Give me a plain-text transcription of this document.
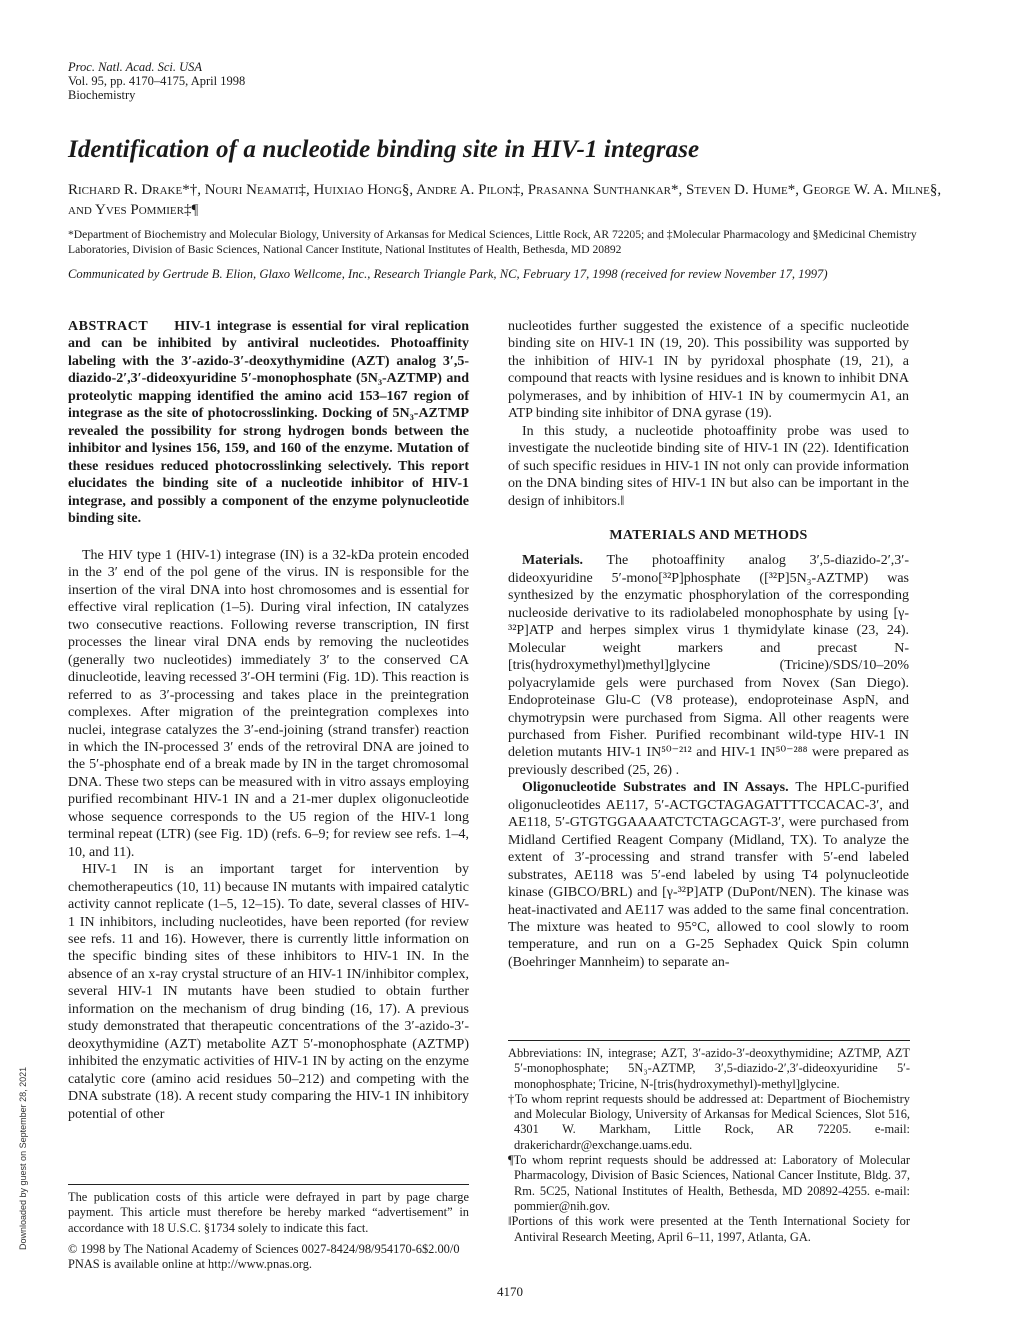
Proc. Natl. Acad. Sci. USA
Vol. 95, pp. 4170–4175, April 1998
Biochemistry
Identification of a nucleotide binding site in HIV-1 integrase
Richard R. Drake*†, Nouri Neamati‡, Huixiao Hong§, Andre A. Pilon‡, Prasanna Sunthankar*, Steven D. Hume*, George W. A. Milne§, and Yves Pommier‡¶
*Department of Biochemistry and Molecular Biology, University of Arkansas for Medical Sciences, Little Rock, AR 72205; and ‡Molecular Pharmacology and §Medicinal Chemistry Laboratories, Division of Basic Sciences, National Cancer Institute, National Institutes of Health, Bethesda, MD 20892
Communicated by Gertrude B. Elion, Glaxo Wellcome, Inc., Research Triangle Park, NC, February 17, 1998 (received for review November 17, 1997)

ABSTRACT HIV-1 integrase is essential for viral replication and can be inhibited by antiviral nucleotides. Photoaffinity labeling with the 3′-azido-3′-deoxythymidine (AZT) analog 3′,5-diazido-2′,3′-dideoxyuridine 5′-monophosphate (5N₃-AZTMP) and proteolytic mapping identified the amino acid 153–167 region of integrase as the site of photocrosslinking. Docking of 5N₃-AZTMP revealed the possibility for strong hydrogen bonds between the inhibitor and lysines 156, 159, and 160 of the enzyme. Mutation of these residues reduced photocrosslinking selectively. This report elucidates the binding site of a nucleotide inhibitor of HIV-1 integrase, and possibly a component of the enzyme polynucleotide binding site.

The HIV type 1 (HIV-1) integrase (IN) is a 32-kDa protein encoded in the 3′ end of the pol gene of the virus. IN is responsible for the insertion of the viral DNA into host chromosomes and is essential for effective viral replication (1–5). During viral infection, IN catalyzes two consecutive reactions. Following reverse transcription, IN first processes the linear viral DNA ends by removing the nucleotides (generally two nucleotides) immediately 3′ to the conserved CA dinucleotide, leaving recessed 3′-OH termini (Fig. 1D). This reaction is referred to as 3′-processing and takes place in the preintegration complexes. After migration of the preintegration complexes into nuclei, integrase catalyzes the 3′-end-joining (strand transfer) reaction in which the IN-processed 3′ ends of the retroviral DNA are joined to the 5′-phosphate end of a break made by IN in the target chromosomal DNA. These two steps can be measured with in vitro assays employing purified recombinant HIV-1 IN and a 21-mer duplex oligonucleotide whose sequence corresponds to the U5 region of the HIV-1 long terminal repeat (LTR) (see Fig. 1D) (refs. 6–9; for review see refs. 1–4, 10, and 11).

HIV-1 IN is an important target for intervention by chemotherapeutics (10, 11) because IN mutants with impaired catalytic activity cannot replicate (1–5, 12–15). To date, several classes of HIV-1 IN inhibitors, including nucleotides, have been reported (for review see refs. 11 and 16). However, there is currently little information on the specific binding sites of these inhibitors to HIV-1 IN. In the absence of an x-ray crystal structure of an HIV-1 IN/inhibitor complex, several HIV-1 IN mutants have been studied to obtain further information on the mechanism of drug binding (16, 17). A previous study demonstrated that therapeutic concentrations of the 3′-azido-3′-deoxythymidine (AZT) metabolite AZT 5′-monophosphate (AZTMP) inhibited the enzymatic activities of HIV-1 IN by acting on the enzyme catalytic core (amino acid residues 50–212) and competing with the DNA substrate (18). A recent study comparing the HIV-1 IN inhibitory potential of other

nucleotides further suggested the existence of a specific nucleotide binding site on HIV-1 IN (19, 20). This possibility was supported by the inhibition of HIV-1 IN by pyridoxal phosphate (19, 21), a compound that reacts with lysine residues and is known to inhibit DNA polymerases, and by inhibition of HIV-1 IN by coumermycin A1, an ATP binding site inhibitor of DNA gyrase (19).

In this study, a nucleotide photoaffinity probe was used to investigate the nucleotide binding site of HIV-1 IN (22). Identification of such specific residues in HIV-1 IN not only can provide information on the DNA binding sites of HIV-1 IN but also can be important in the design of inhibitors.‖

MATERIALS AND METHODS

Materials. The photoaffinity analog 3′,5-diazido-2′,3′-dideoxyuridine 5′-mono[³²P]phosphate ([³²P]5N₃-AZTMP) was synthesized by the enzymatic phosphorylation of the corresponding nucleoside derivative to its radiolabeled monophosphate by using [γ-³²P]ATP and herpes simplex virus 1 thymidylate kinase (23, 24). Molecular weight markers and precast N-[tris(hydroxymethyl)methyl]glycine (Tricine)/SDS/10–20% polyacrylamide gels were purchased from Novex (San Diego). Endoproteinase Glu-C (V8 protease), endoproteinase AspN, and chymotrypsin were purchased from Sigma. All other reagents were purchased from Fisher. Purified recombinant wild-type HIV-1 IN deletion mutants HIV-1 IN⁵⁰⁻²¹² and HIV-1 IN⁵⁰⁻²⁸⁸ were prepared as previously described (25, 26) .

Oligonucleotide Substrates and IN Assays. The HPLC-purified oligonucleotides AE117, 5′-ACTGCTAGAGATTTTCCACAC-3′, and AE118, 5′-GTGTGGAAAATCTCTAGCAGT-3′, were purchased from Midland Certified Reagent Company (Midland, TX). To analyze the extent of 3′-processing and strand transfer with 5′-end labeled substrates, AE118 was 5′-end labeled by using T4 polynucleotide kinase (GIBCO/BRL) and [γ-³²P]ATP (DuPont/NEN). The kinase was heat-inactivated and AE117 was added to the same final concentration. The mixture was heated to 95°C, allowed to cool slowly to room temperature, and run on a G-25 Sephadex Quick Spin column (Boehringer Mannheim) to separate an-

Abbreviations: IN, integrase; AZT, 3′-azido-3′-deoxythymidine; AZTMP, AZT 5′-monophosphate; 5N₃-AZTMP, 3′,5-diazido-2′,3′-dideoxyuridine 5′-monophosphate; Tricine, N-[tris(hydroxymethyl)-methyl]glycine.

†To whom reprint requests should be addressed at: Department of Biochemistry and Molecular Biology, University of Arkansas for Medical Sciences, Slot 516, 4301 W. Markham, Little Rock, AR 72205. e-mail: drakerichardr@exchange.uams.edu.

¶To whom reprint requests should be addressed at: Laboratory of Molecular Pharmacology, Division of Basic Sciences, National Cancer Institute, Bldg. 37, Rm. 5C25, National Institutes of Health, Bethesda, MD 20892-4255. e-mail: pommier@nih.gov.

‖Portions of this work were presented at the Tenth International Society for Antiviral Research Meeting, April 6–11, 1997, Atlanta, GA.

The publication costs of this article were defrayed in part by page charge payment. This article must therefore be hereby marked “advertisement” in accordance with 18 U.S.C. §1734 solely to indicate this fact.

© 1998 by The National Academy of Sciences 0027-8424/98/954170-6$2.00/0

PNAS is available online at http://www.pnas.org.

4170
Downloaded by guest on September 28, 2021
